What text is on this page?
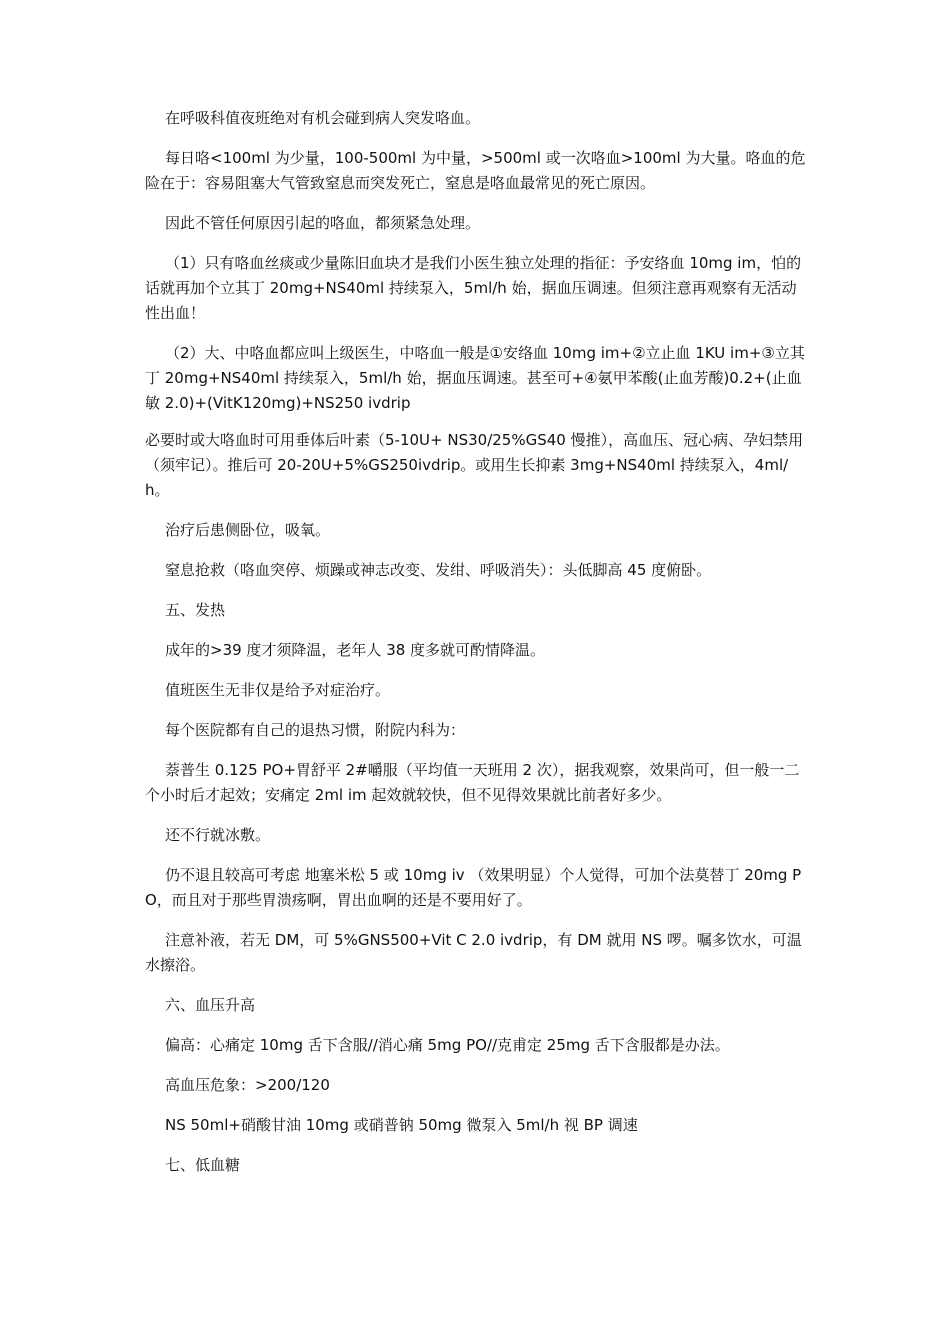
在呼吸科值夜班绝对有机会碰到病人突发咯血。

每日咯<100ml 为少量，100-500ml 为中量，>500ml 或一次咯血>100ml 为大量。咯血的危险在于：容易阻塞大气管致窒息而突发死亡，窒息是咯血最常见的死亡原因。

因此不管任何原因引起的咯血，都须紧急处理。

（1）只有咯血丝痰或少量陈旧血块才是我们小医生独立处理的指征：予安络血 10mg im，怕的话就再加个立其丁 20mg+NS40ml 持续泵入，5ml/h 始，据血压调速。但须注意再观察有无活动性出血！

（2）大、中咯血都应叫上级医生，中咯血一般是①安络血 10mg im+②立止血 1KU im+③立其丁 20mg+NS40ml 持续泵入，5ml/h 始，据血压调速。甚至可+④氨甲苯酸(止血芳酸)0.2+(止血敏 2.0)+(VitK120mg)+NS250 ivdrip

必要时或大咯血时可用垂体后叶素（5-10U+ NS30/25%GS40 慢推），高血压、冠心病、孕妇禁用（须牢记）。推后可 20-20U+5%GS250ivdrip。或用生长抑素 3mg+NS40ml 持续泵入，4ml/h。

治疗后患侧卧位，吸氧。

窒息抢救（咯血突停、烦躁或神志改变、发绀、呼吸消失）：头低脚高 45 度俯卧。

五、发热

成年的>39 度才须降温，老年人 38 度多就可酌情降温。

值班医生无非仅是给予对症治疗。

每个医院都有自己的退热习惯，附院内科为：

萘普生 0.125 PO+胃舒平 2#嚼服（平均值一天班用 2 次），据我观察，效果尚可，但一般一二个小时后才起效；安痛定 2ml im 起效就较快，但不见得效果就比前者好多少。

还不行就冰敷。

仍不退且较高可考虑 地塞米松 5 或 10mg iv （效果明显）个人觉得，可加个法莫替丁 20mg PO，而且对于那些胃溃疡啊，胃出血啊的还是不要用好了。

注意补液，若无 DM，可 5%GNS500+Vit C 2.0 ivdrip，有 DM 就用 NS 啰。嘱多饮水，可温水擦浴。

六、血压升高

偏高：心痛定 10mg 舌下含服//消心痛 5mg PO//克甫定 25mg 舌下含服都是办法。

高血压危象：>200/120

NS 50ml+硝酸甘油 10mg 或硝普钠 50mg 微泵入 5ml/h 视 BP 调速

七、低血糖
